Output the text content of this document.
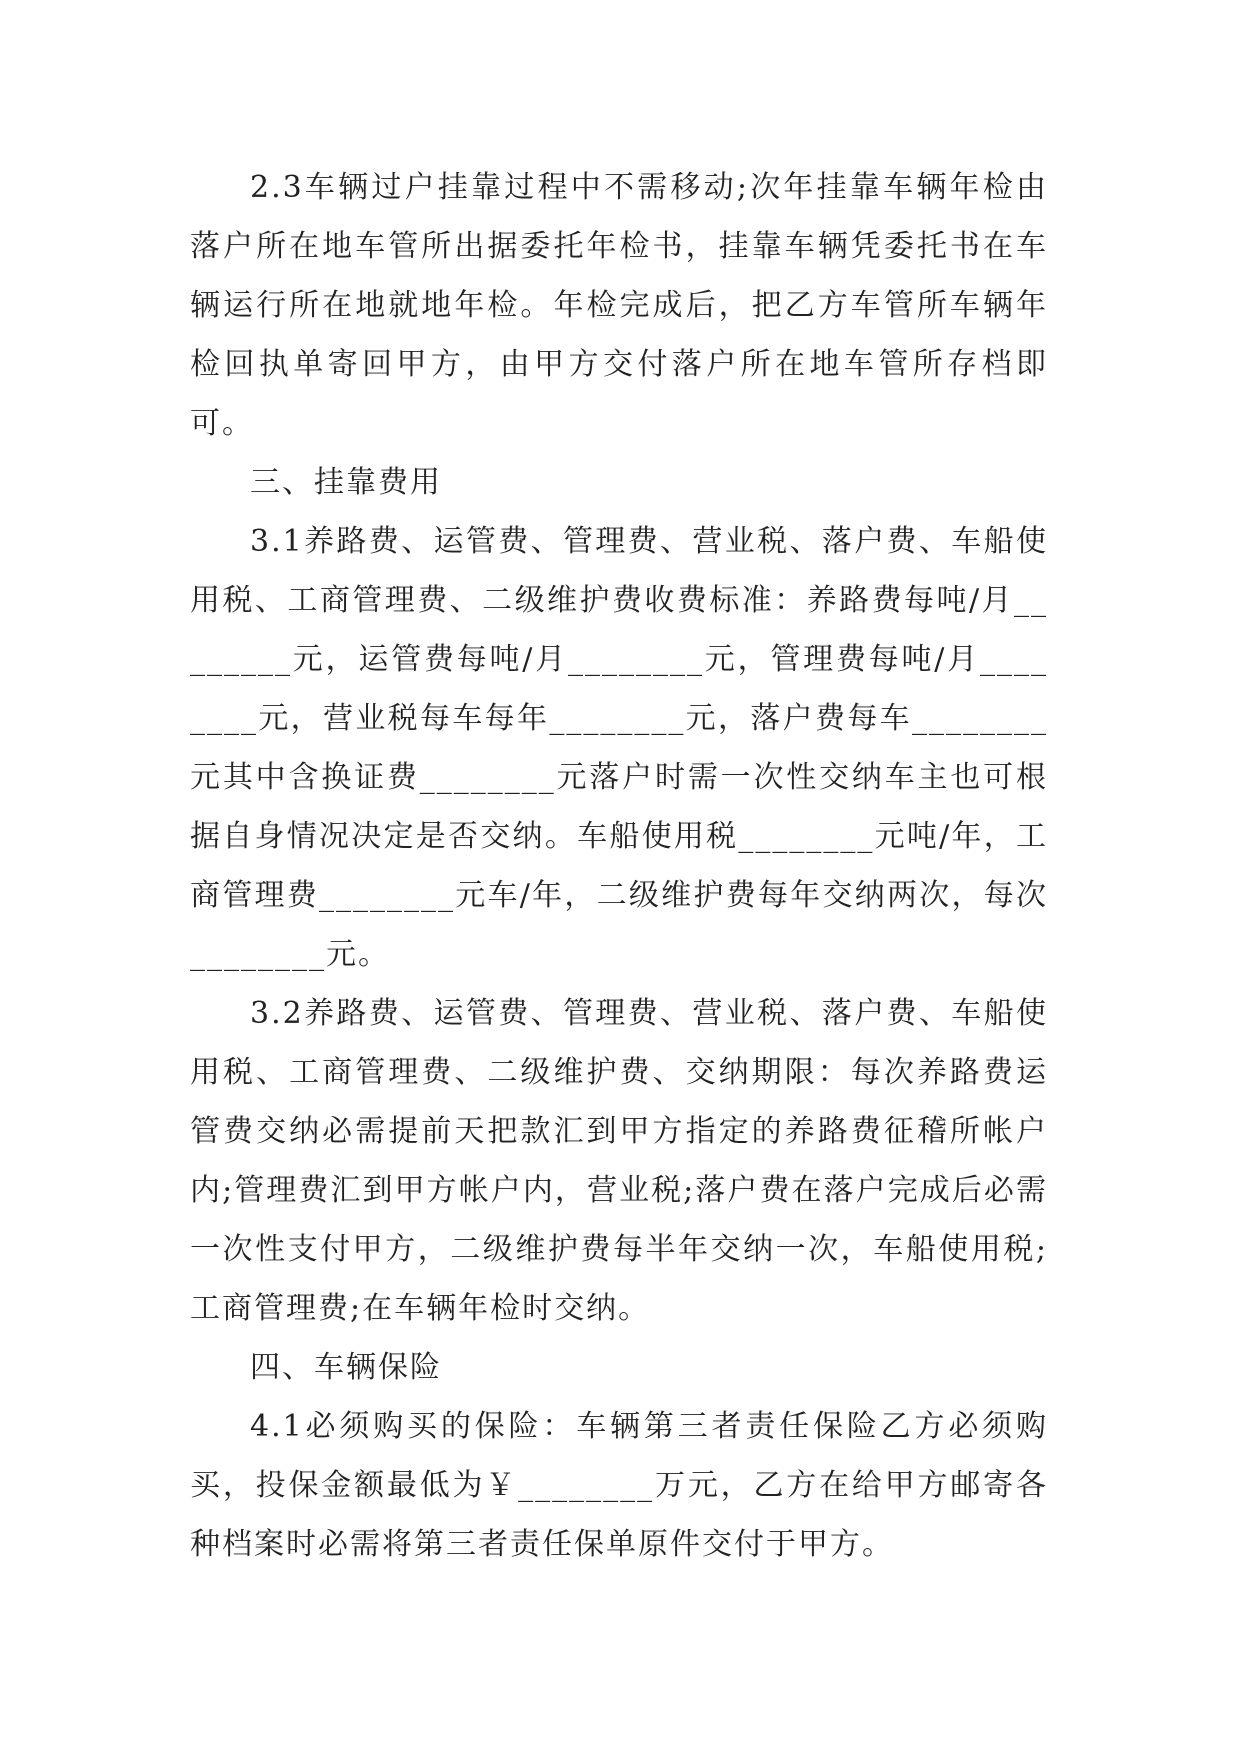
2.3车辆过户挂靠过程中不需移动;次年挂靠车辆年检由落户所在地车管所出据委托年检书，挂靠车辆凭委托书在车辆运行所在地就地年检。年检完成后，把乙方车管所车辆年检回执单寄回甲方，由甲方交付落户所在地车管所存档即可。

三、挂靠费用

3.1养路费、运管费、管理费、营业税、落户费、车船使用税、工商管理费、二级维护费收费标准：养路费每吨/月________元，运管费每吨/月________元，管理费每吨/月________元，营业税每车每年________元，落户费每车________元其中含换证费________元落户时需一次性交纳车主也可根据自身情况决定是否交纳。车船使用税________元吨/年，工商管理费________元车/年，二级维护费每年交纳两次，每次________元。

3.2养路费、运管费、管理费、营业税、落户费、车船使用税、工商管理费、二级维护费、交纳期限：每次养路费运管费交纳必需提前天把款汇到甲方指定的养路费征稽所帐户内;管理费汇到甲方帐户内，营业税;落户费在落户完成后必需一次性支付甲方，二级维护费每半年交纳一次，车船使用税;工商管理费;在车辆年检时交纳。

四、车辆保险

4.1必须购买的保险：车辆第三者责任保险乙方必须购买，投保金额最低为￥________万元，乙方在给甲方邮寄各种档案时必需将第三者责任保单原件交付于甲方。
